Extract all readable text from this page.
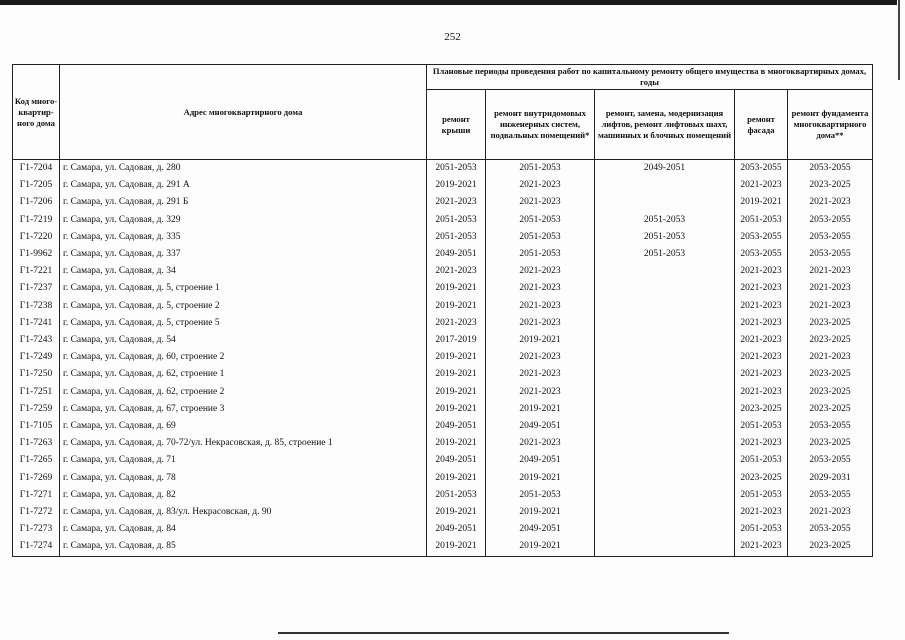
252
Код много-квартир-ного дома	Адрес многоквартирного дома	Плановые периоды проведения работ по капитальному ремонту общего имущества в многоквартирных домах, годы				
		ремонт крыши	ремонт внутридомовых инженерных систем, подвальных помещений*	ремонт, замена, модернизация лифтов, ремонт лифтовых шахт, машинных и блочных помещений	ремонт фасада	ремонт фундамента многоквартирного дома**
Г1-7204	г. Самара, ул. Садовая, д. 280	2051-2053	2051-2053	2049-2051	2053-2055	2053-2055
Г1-7205	г. Самара, ул. Садовая, д. 291 А	2019-2021	2021-2023		2021-2023	2023-2025
Г1-7206	г. Самара, ул. Садовая, д. 291 Б	2021-2023	2021-2023		2019-2021	2021-2023
Г1-7219	г. Самара, ул. Садовая, д. 329	2051-2053	2051-2053	2051-2053	2051-2053	2053-2055
Г1-7220	г. Самара, ул. Садовая, д. 335	2051-2053	2051-2053	2051-2053	2053-2055	2053-2055
Г1-9962	г. Самара, ул. Садовая, д. 337	2049-2051	2051-2053	2051-2053	2053-2055	2053-2055
Г1-7221	г. Самара, ул. Садовая, д. 34	2021-2023	2021-2023		2021-2023	2021-2023
Г1-7237	г. Самара, ул. Садовая, д. 5, строение 1	2019-2021	2021-2023		2021-2023	2021-2023
Г1-7238	г. Самара, ул. Садовая, д. 5, строение 2	2019-2021	2021-2023		2021-2023	2021-2023
Г1-7241	г. Самара, ул. Садовая, д. 5, строение 5	2021-2023	2021-2023		2021-2023	2023-2025
Г1-7243	г. Самара, ул. Садовая, д. 54	2017-2019	2019-2021		2021-2023	2023-2025
Г1-7249	г. Самара, ул. Садовая, д. 60, строение 2	2019-2021	2021-2023		2021-2023	2021-2023
Г1-7250	г. Самара, ул. Садовая, д. 62, строение 1	2019-2021	2021-2023		2021-2023	2023-2025
Г1-7251	г. Самара, ул. Садовая, д. 62, строение 2	2019-2021	2021-2023		2021-2023	2023-2025
Г1-7259	г. Самара, ул. Садовая, д. 67, строение 3	2019-2021	2019-2021		2023-2025	2023-2025
Г1-7105	г. Самара, ул. Садовая, д. 69	2049-2051	2049-2051		2051-2053	2053-2055
Г1-7263	г. Самара, ул. Садовая, д. 70-72/ул. Некрасовская, д. 85, строение 1	2019-2021	2021-2023		2021-2023	2023-2025
Г1-7265	г. Самара, ул. Садовая, д. 71	2049-2051	2049-2051		2051-2053	2053-2055
Г1-7269	г. Самара, ул. Садовая, д. 78	2019-2021	2019-2021		2023-2025	2029-2031
Г1-7271	г. Самара, ул. Садовая, д. 82	2051-2053	2051-2053		2051-2053	2053-2055
Г1-7272	г. Самара, ул. Садовая, д. 83/ул. Некрасовская, д. 90	2019-2021	2019-2021		2021-2023	2021-2023
Г1-7273	г. Самара, ул. Садовая, д. 84	2049-2051	2049-2051		2051-2053	2053-2055
Г1-7274	г. Самара, ул. Садовая, д. 85	2019-2021	2019-2021		2021-2023	2023-2025
